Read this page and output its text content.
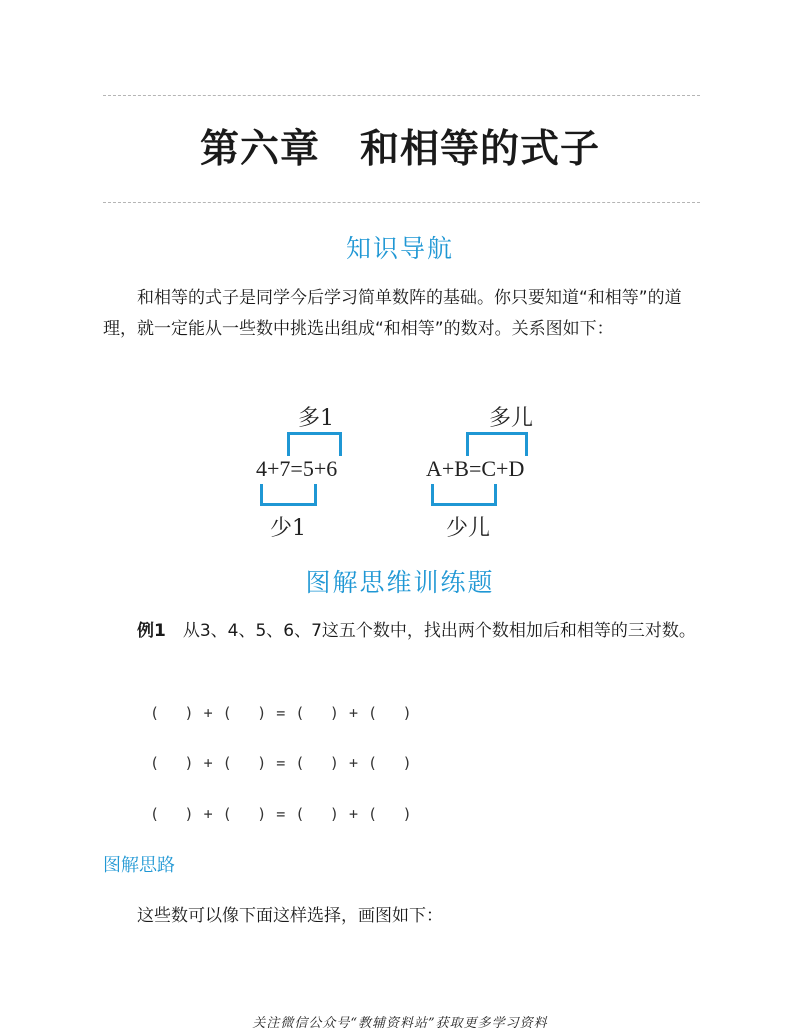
第六章　和相等的式子
知识导航
和相等的式子是同学今后学习简单数阵的基础。你只要知道“和相等”的道理，就一定能从一些数中挑选出组成“和相等”的数对。关系图如下：
多1
4+7=5+6
少1
多儿
A+B=C+D
少儿
图解思维训练题
例1　 从3、4、5、6、7这五个数中，找出两个数相加后和相等的三对数。
(　 ) + (　 ) = (　 ) + (　 )
(　 ) + (　 ) = (　 ) + (　 )
(　 ) + (　 ) = (　 ) + (　 )
图解思路
这些数可以像下面这样选择，画图如下：
关注微信公众号“教辅资料站”获取更多学习资料
